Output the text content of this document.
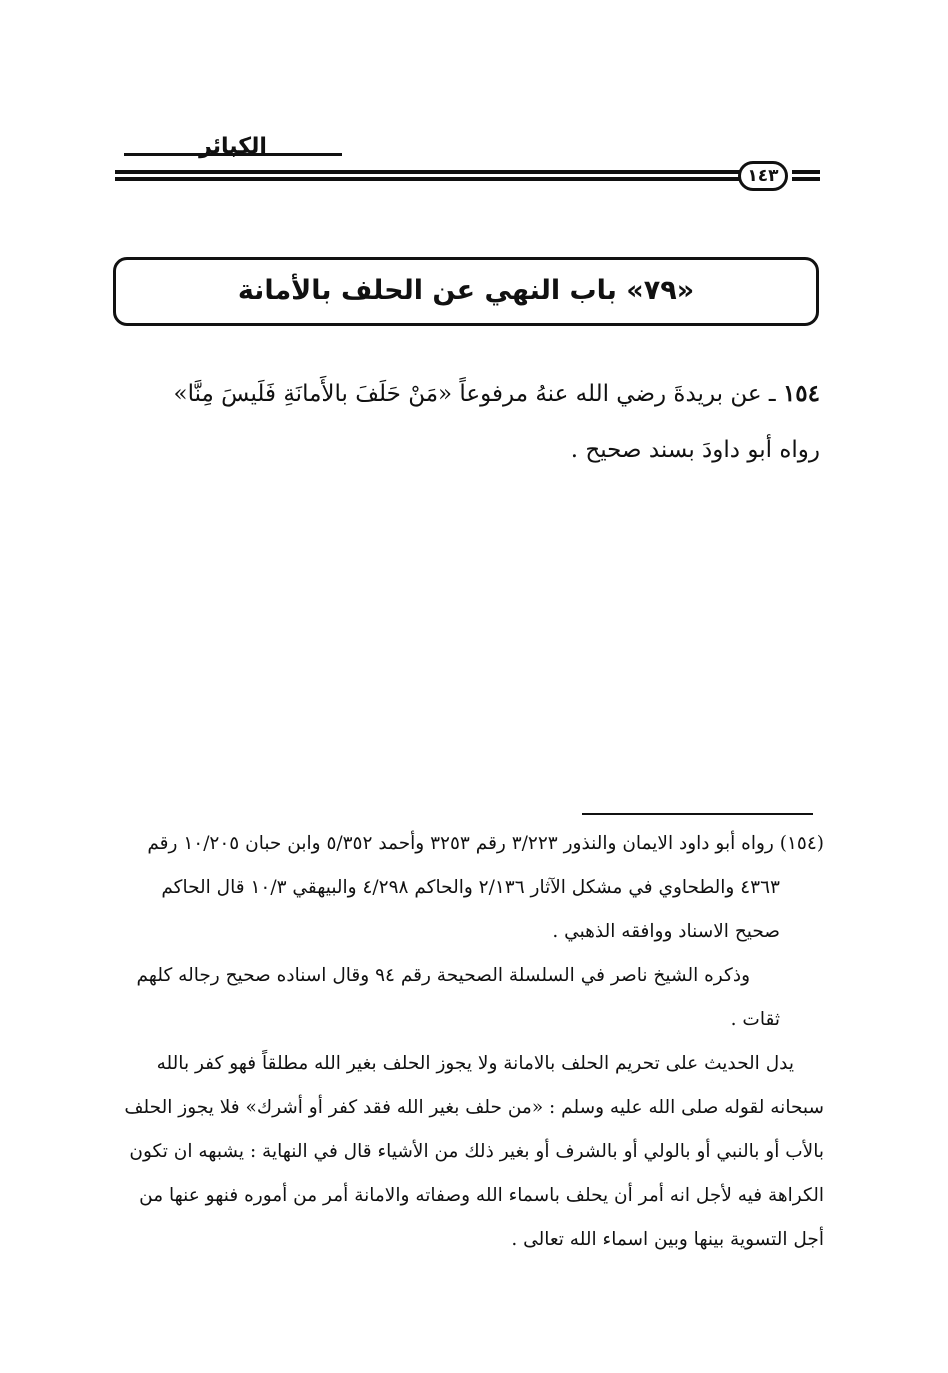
الكبائر
١٤٣
«٧٩» باب النهي عن الحلف بالأمانة
١٥٤ ـ عن بريدةَ رضي الله عنهُ مرفوعاً «مَنْ حَلَفَ بالأَمانَةِ فَلَيسَ مِنَّا»
رواه أبو داودَ بسند صحيح .

(١٥٤) رواه أبو داود الايمان والنذور ٣/٢٢٣ رقم ٣٢٥٣ وأحمد ٥/٣٥٢ وابن حبان ١٠/٢٠٥ رقم ٤٣٦٣ والطحاوي في مشكل الآثار ٢/١٣٦ والحاكم ٤/٢٩٨ والبيهقي ١٠/٣ قال الحاكم صحيح الاسناد ووافقه الذهبي .

وذكره الشيخ ناصر في السلسلة الصحيحة رقم ٩٤ وقال اسناده صحيح رجاله كلهم ثقات .

يدل الحديث على تحريم الحلف بالامانة ولا يجوز الحلف بغير الله مطلقاً فهو كفر بالله سبحانه لقوله صلى الله عليه وسلم : «من حلف بغير الله فقد كفر أو أشرك» فلا يجوز الحلف بالأب أو بالنبي أو بالولي أو بالشرف أو بغير ذلك من الأشياء قال في النهاية : يشبهه ان تكون الكراهة فيه لأجل انه أمر أن يحلف باسماء الله وصفاته والامانة أمر من أموره فنهو عنها من أجل التسوية بينها وبين اسماء الله تعالى .
